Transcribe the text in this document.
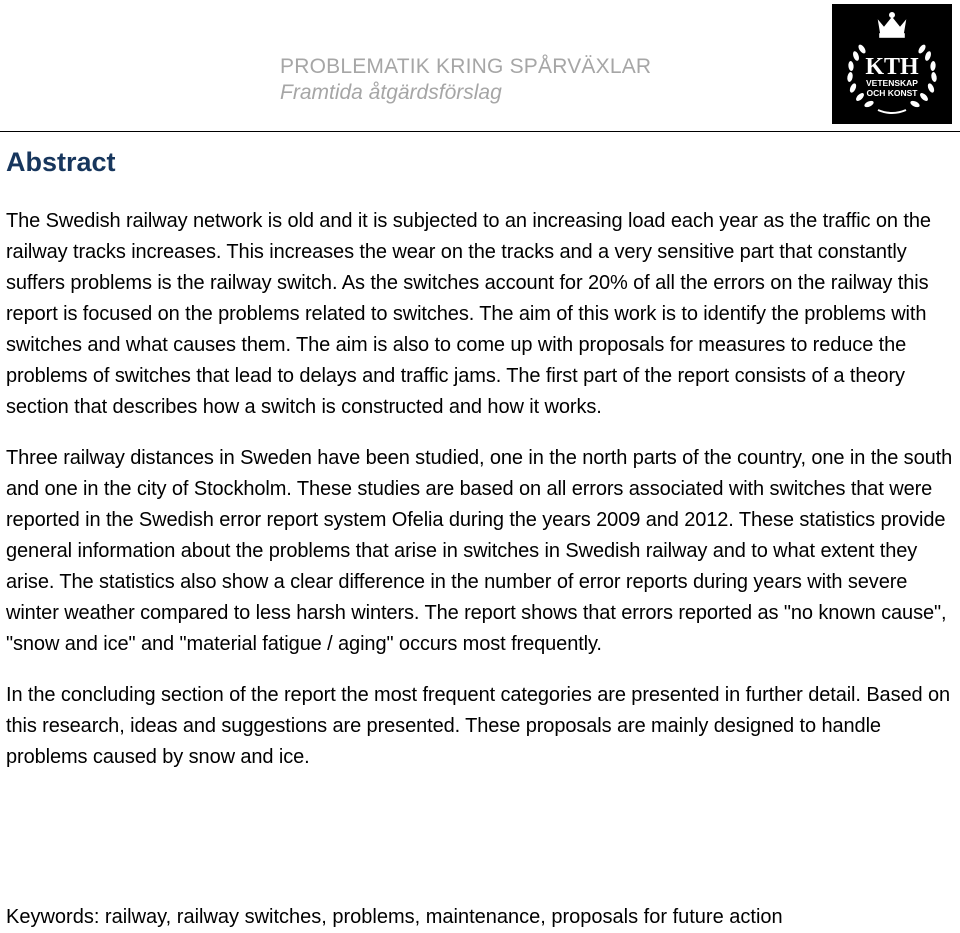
PROBLEMATIK KRING SPÅRVÄXLAR
Framtida åtgärdsförslag
KTH
VETENSKAP
OCH KONST
Abstract

The Swedish railway network is old and it is subjected to an increasing load each year as the traffic on the railway tracks increases. This increases the wear on the tracks and a very sensitive part that constantly suffers problems is the railway switch. As the switches account for 20% of all the errors on the railway this report is focused on the problems related to switches. The aim of this work is to identify the problems with switches and what causes them. The aim is also to come up with proposals for measures to reduce the problems of switches that lead to delays and traffic jams. The first part of the report consists of a theory section that describes how a switch is constructed and how it works.

Three railway distances in Sweden have been studied, one in the north parts of the country, one in the south and one in the city of Stockholm. These studies are based on all errors associated with switches that were reported in the Swedish error report system Ofelia during the years 2009 and 2012. These statistics provide general information about the problems that arise in switches in Swedish railway and to what extent they arise. The statistics also show a clear difference in the number of error reports during years with severe winter weather compared to less harsh winters. The report shows that errors reported as "no known cause", "snow and ice" and "material fatigue / aging" occurs most frequently.

In the concluding section of the report the most frequent categories are presented in further detail. Based on this research, ideas and suggestions are presented. These proposals are mainly designed to handle problems caused by snow and ice.

Keywords: railway, railway switches, problems, maintenance, proposals for future action
